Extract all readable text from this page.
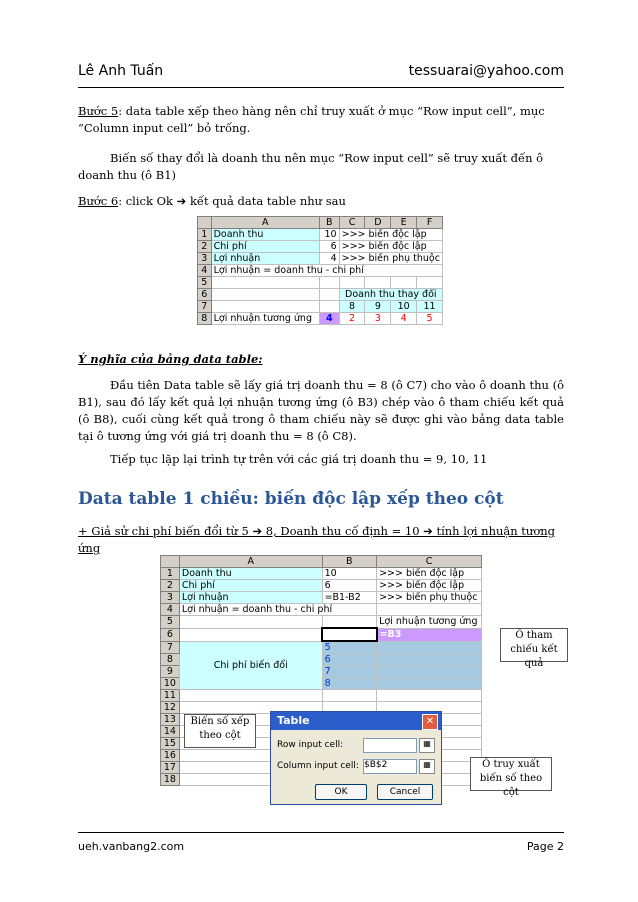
Lê Anh Tuấn	tessuarai@yahoo.com
Bước 5: data table xếp theo hàng nên chỉ truy xuất ở mục “Row input cell”, mục “Column input cell” bỏ trống.
Biến số thay đổi là doanh thu nên mục “Row input cell” sẽ truy xuất đến ô doanh thu (ô B1)
Bước 6: click Ok ➔ kết quả data table như sau
	A	B	C	D	E	F
1	Doanh thu	10	>>> biến độc lập			
2	Chi phí	6	>>> biến độc lập			
3	Lợi nhuận	4	>>> biến phụ thuộc			
4	Lợi nhuận = doanh thu - chi phí					
5						
6			Doanh thu thay đổi			
7			8	9	10	11
8	Lợi nhuận tương ứng	4	2	3	4	5
Ý nghĩa của bảng data table:
Đầu tiên Data table sẽ lấy giá trị doanh thu = 8 (ô C7) cho vào ô doanh thu (ô B1), sau đó lấy kết quả lợi nhuận tương ứng (ô B3) chép vào ô tham chiếu kết quả (ô B8), cuối cùng kết quả trong ô tham chiếu này sẽ được ghi vào bảng data table tại ô tương ứng với giá trị doanh thu = 8 (ô C8).
Tiếp tục lặp lại trình tự trên với các giá trị doanh thu = 9, 10, 11
Data table 1 chiều: biến độc lập xếp theo cột
+ Giả sử chi phí biến đổi từ 5 ➔ 8, Doanh thu cố định = 10 ➔ tính lợi nhuận tương ứng
	A	B	C
1	Doanh thu	10	>>> biến độc lập
2	Chi phí	6	>>> biến độc lập
3	Lợi nhuận	=B1-B2	>>> biến phụ thuộc
4	Lợi nhuận = doanh thu - chi phí		
5			Lợi nhuận tương ứng
6			=B3
7	Chi phí biến đổi	5	
8		6	
9		7	
10		8	
11			
12			
13			
14			
15			
16			
17			
18			
Ô tham chiếu kết quả
Biến số xếp theo cột
Ô truy xuất biến số theo cột
Table	✕
Row input cell:	▦
Column input cell: $B$2	▦
OK	Cancel
ueh.vanbang2.com	Page 2
